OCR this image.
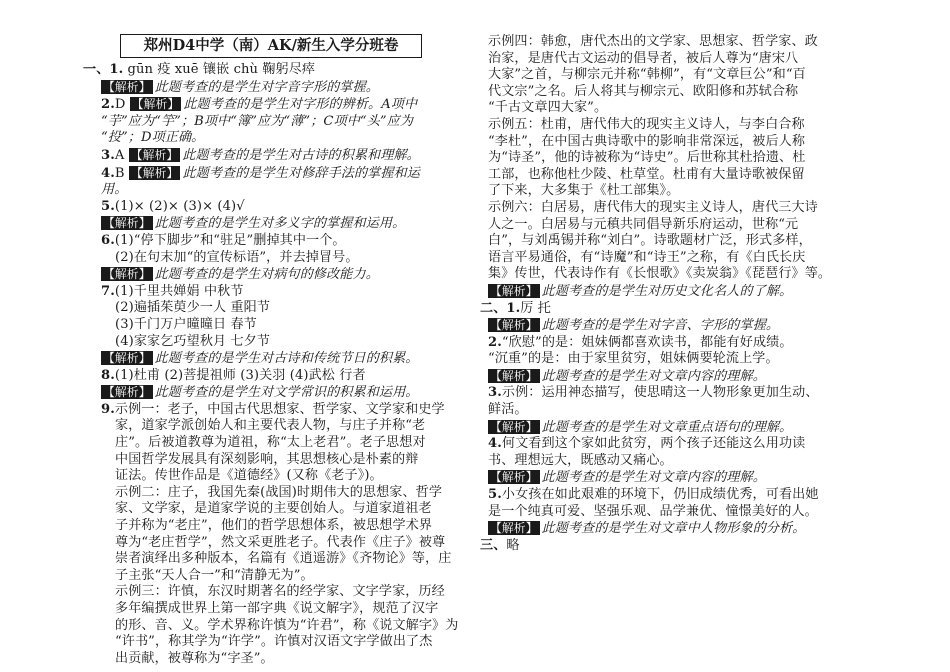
郑州D4中学（南）AK/新生入学分班卷
一、1. gūn 疫 xuē 镶嵌 chù 鞠躬尽瘁
【解析】 此题考查的是学生对字音字形的掌握。
2.D 【解析】 此题考查的是学生对字形的辨析。A项中
“芋”应为“竽”；B项中“簿”应为“薄”；C项中“头”应为
“投”；D项正确。
3.A 【解析】 此题考查的是学生对古诗的积累和理解。
4.B 【解析】 此题考查的是学生对修辞手法的掌握和运
用。
5.(1)× (2)× (3)× (4)√
【解析】 此题考查的是学生对多义字的掌握和运用。
6.(1)“停下脚步”和“驻足”删掉其中一个。
(2)在句末加“的宣传标语”，并去掉冒号。
【解析】 此题考查的是学生对病句的修改能力。
7.(1)千里共婵娟 中秋节
(2)遍插茱萸少一人 重阳节
(3)千门万户曈曈日 春节
(4)家家乞巧望秋月 七夕节
【解析】 此题考查的是学生对古诗和传统节日的积累。
8.(1)杜甫 (2)菩提祖师 (3)关羽 (4)武松 行者
【解析】 此题考查的是学生对文学常识的积累和运用。
9.示例一：老子，中国古代思想家、哲学家、文学家和史学
家，道家学派创始人和主要代表人物，与庄子并称“老
庄”。后被道教尊为道祖，称“太上老君”。老子思想对
中国哲学发展具有深刻影响，其思想核心是朴素的辩
证法。传世作品是《道德经》(又称《老子》)。
示例二：庄子，我国先秦(战国)时期伟大的思想家、哲学
家、文学家，是道家学说的主要创始人。与道家道祖老
子并称为“老庄”，他们的哲学思想体系，被思想学术界
尊为“老庄哲学”，然文采更胜老子。代表作《庄子》被尊
崇者演绎出多种版本，名篇有《逍遥游》《齐物论》等，庄
子主张“天人合一”和“清静无为”。
示例三：许慎，东汉时期著名的经学家、文字学家，历经
多年编撰成世界上第一部字典《说文解字》，规范了汉字
的形、音、义。学术界称许慎为“许君”，称《说文解字》为
“许书”，称其学为“许学”。许慎对汉语文字学做出了杰
出贡献，被尊称为“字圣”。
示例四：韩愈，唐代杰出的文学家、思想家、哲学家、政
治家，是唐代古文运动的倡导者，被后人尊为“唐宋八
大家”之首，与柳宗元并称“韩柳”，有“文章巨公”和“百
代文宗”之名。后人将其与柳宗元、欧阳修和苏轼合称
“千古文章四大家”。
示例五：杜甫，唐代伟大的现实主义诗人，与李白合称
“李杜”，在中国古典诗歌中的影响非常深远，被后人称
为“诗圣”，他的诗被称为“诗史”。后世称其杜拾遗、杜
工部，也称他杜少陵、杜草堂。杜甫有大量诗歌被保留
了下来，大多集于《杜工部集》。
示例六：白居易，唐代伟大的现实主义诗人，唐代三大诗
人之一。白居易与元稹共同倡导新乐府运动，世称“元
白”，与刘禹锡并称“刘白”。诗歌题材广泛，形式多样，
语言平易通俗，有“诗魔”和“诗王”之称，有《白氏长庆
集》传世，代表诗作有《长恨歌》《卖炭翁》《琵琶行》等。
【解析】 此题考查的是学生对历史文化名人的了解。
二、1.厉 托
【解析】 此题考查的是学生对字音、字形的掌握。
2.“欣慰”的是：姐妹俩都喜欢读书，都能有好成绩。
“沉重”的是：由于家里贫穷，姐妹俩要轮流上学。
【解析】 此题考查的是学生对文章内容的理解。
3.示例：运用神态描写，使思晴这一人物形象更加生动、
鲜活。
【解析】 此题考查的是学生对文章重点语句的理解。
4.何文看到这个家如此贫穷，两个孩子还能这么用功读
书、理想远大，既感动又痛心。
【解析】 此题考查的是学生对文章内容的理解。
5.小女孩在如此艰难的环境下，仍旧成绩优秀，可看出她
是一个纯真可爱、坚强乐观、品学兼优、憧憬美好的人。
【解析】 此题考查的是学生对文章中人物形象的分析。
三、略
